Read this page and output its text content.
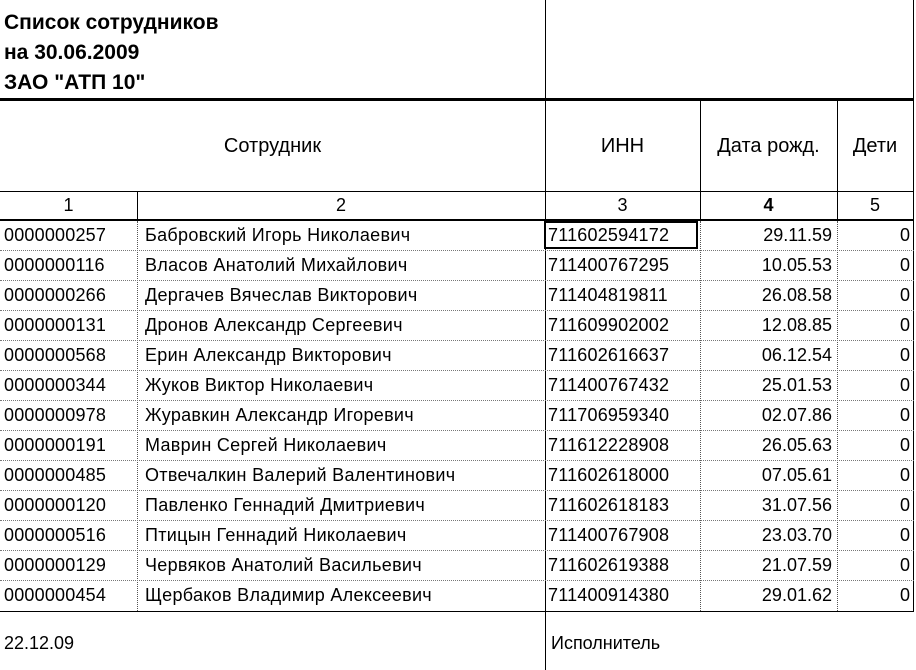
Список сотрудников
на 30.06.2009
ЗАО "АТП 10"
Сотрудник	ИНН	Дата рожд.	Дети
1	2	3	4	5
0000000257	Бабровский Игорь Николаевич	711602594172	29.11.59	0
0000000116	Власов Анатолий Михайлович	711400767295	10.05.53	0
0000000266	Дергачев Вячеслав Викторович	711404819811	26.08.58	0
0000000131	Дронов Александр Сергеевич	711609902002	12.08.85	0
0000000568	Ерин Александр Викторович	711602616637	06.12.54	0
0000000344	Жуков Виктор Николаевич	711400767432	25.01.53	0
0000000978	Журавкин Александр Игоревич	711706959340	02.07.86	0
0000000191	Маврин Сергей Николаевич	711612228908	26.05.63	0
0000000485	Отвечалкин Валерий Валентинович	711602618000	07.05.61	0
0000000120	Павленко Геннадий Дмитриевич	711602618183	31.07.56	0
0000000516	Птицын Геннадий Николаевич	711400767908	23.03.70	0
0000000129	Червяков Анатолий Васильевич	711602619388	21.07.59	0
0000000454	Щербаков Владимир Алексеевич	711400914380	29.01.62	0
22.12.09	Исполнитель
